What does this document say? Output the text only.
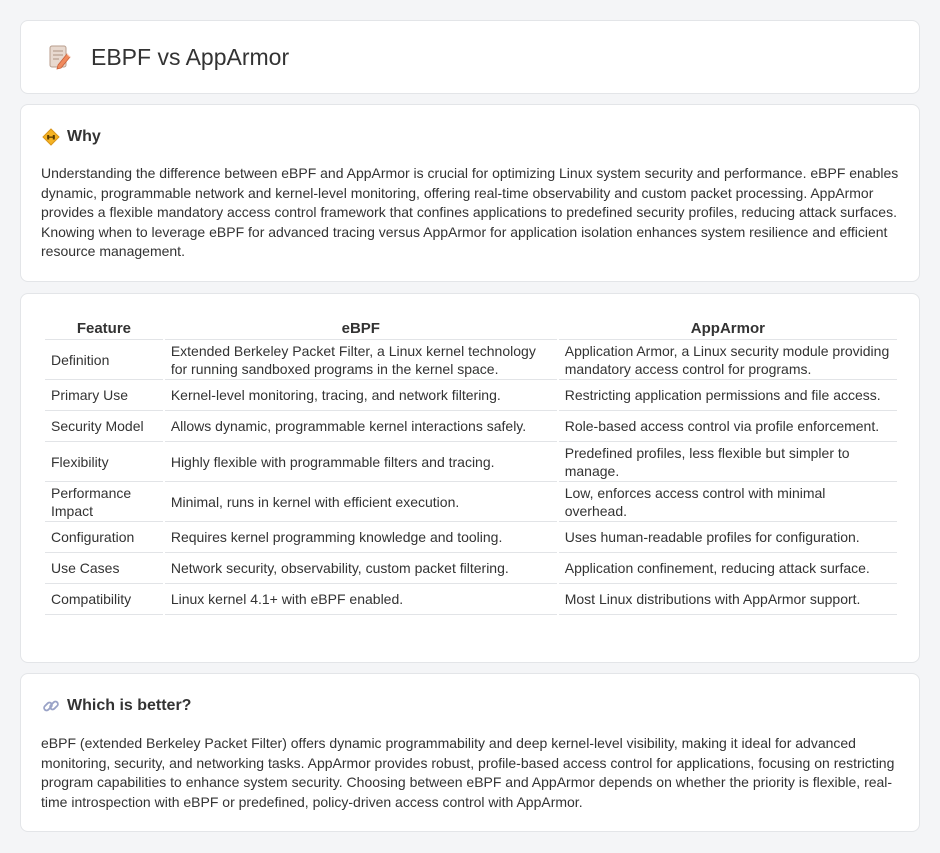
EBPF vs AppArmor
Why

Understanding the difference between eBPF and AppArmor is crucial for optimizing Linux system security and performance. eBPF enables dynamic, programmable network and kernel-level monitoring, offering real-time observability and custom packet processing. AppArmor provides a flexible mandatory access control framework that confines applications to predefined security profiles, reducing attack surfaces. Knowing when to leverage eBPF for advanced tracing versus AppArmor for application isolation enhances system resilience and efficient resource management.

Feature	eBPF	AppArmor
Definition	Extended Berkeley Packet Filter, a Linux kernel technology for running sandboxed programs in the kernel space.	Application Armor, a Linux security module providing mandatory access control for programs.
Primary Use	Kernel-level monitoring, tracing, and network filtering.	Restricting application permissions and file access.
Security Model	Allows dynamic, programmable kernel interactions safely.	Role-based access control via profile enforcement.
Flexibility	Highly flexible with programmable filters and tracing.	Predefined profiles, less flexible but simpler to manage.
Performance Impact	Minimal, runs in kernel with efficient execution.	Low, enforces access control with minimal overhead.
Configuration	Requires kernel programming knowledge and tooling.	Uses human-readable profiles for configuration.
Use Cases	Network security, observability, custom packet filtering.	Application confinement, reducing attack surface.
Compatibility	Linux kernel 4.1+ with eBPF enabled.	Most Linux distributions with AppArmor support.
Which is better?

eBPF (extended Berkeley Packet Filter) offers dynamic programmability and deep kernel-level visibility, making it ideal for advanced monitoring, security, and networking tasks. AppArmor provides robust, profile-based access control for applications, focusing on restricting program capabilities to enhance system security. Choosing between eBPF and AppArmor depends on whether the priority is flexible, real-time introspection with eBPF or predefined, policy-driven access control with AppArmor.
